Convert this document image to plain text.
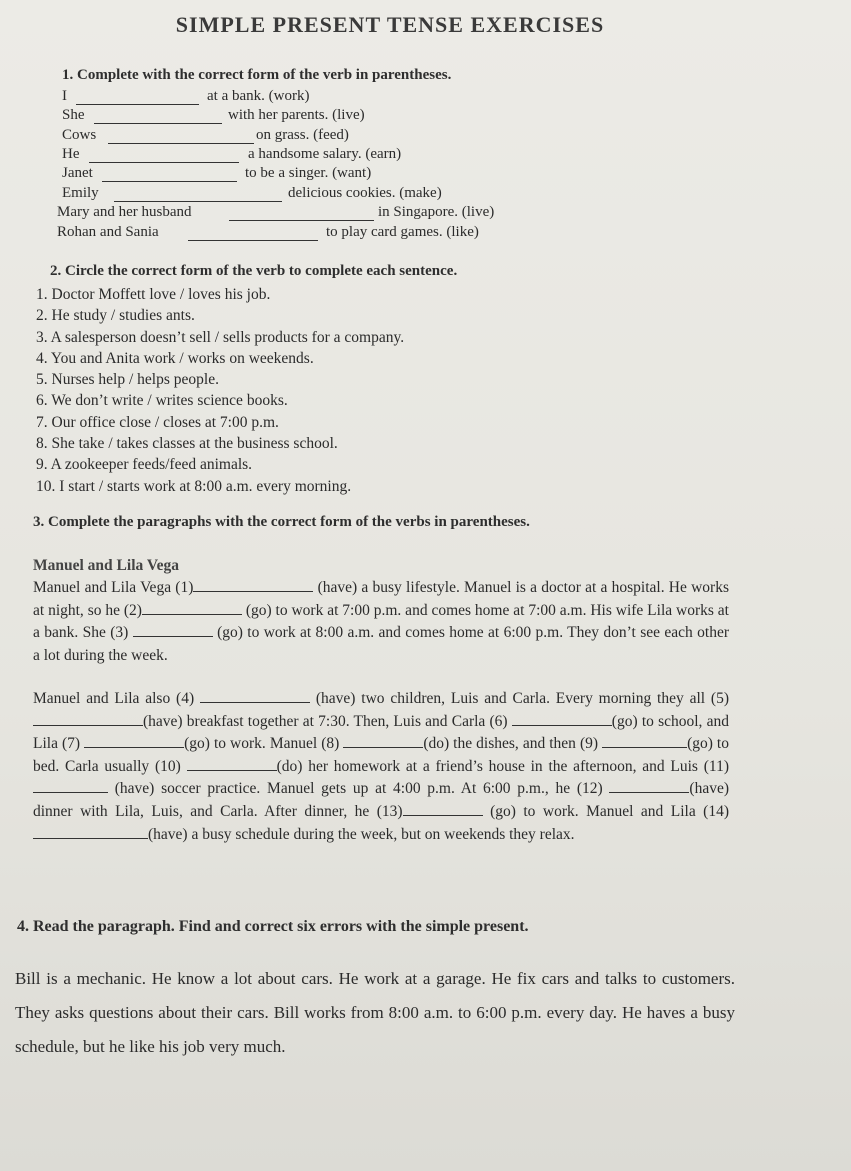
SIMPLE PRESENT TENSE EXERCISES
1. Complete with the correct form of the verb in parentheses.
I	at a bank. (work)
She	with her parents. (live)
Cows	on grass. (feed)
He	a handsome salary. (earn)
Janet	to be a singer. (want)
Emily	delicious cookies. (make)
Mary and her husband	in Singapore. (live)
Rohan and Sania	to play card games. (like)
2. Circle the correct form of the verb to complete each sentence.
1. Doctor Moffett love / loves his job.
2. He study / studies ants.
3. A salesperson doesn’t sell / sells products for a company.
4. You and Anita work / works on weekends.
5. Nurses help / helps people.
6. We don’t write / writes science books.
7. Our office close / closes at 7:00 p.m.
8. She take / takes classes at the business school.
9. A zookeeper feeds/feed animals.
10. I start / starts work at 8:00 a.m. every morning.
3. Complete the paragraphs with the correct form of the verbs in parentheses.
Manuel and Lila Vega
Manuel and Lila Vega (1)	(have) a busy lifestyle. Manuel is a doctor at a hospital. He works at night, so he (2)	(go) to work at 7:00 p.m. and comes home at 7:00 a.m. His wife Lila works at a bank. She (3)	(go) to work at 8:00 a.m. and comes home at 6:00 p.m. They don’t see each other a lot during the week.
Manuel and Lila also (4)	(have) two children, Luis and Carla. Every morning they all (5) (have) breakfast together at 7:30. Then, Luis and Carla (6)	(go) to school, and Lila (7)	(go) to work. Manuel (8)	(do) the dishes, and then (9)	(go) to bed. Carla usually (10)	(do) her homework at a friend’s house in the afternoon, and Luis (11) (have) soccer practice. Manuel gets up at 4:00 p.m. At 6:00 p.m., he (12)	(have) dinner with Lila, Luis, and Carla. After dinner, he (13)	(go) to work. Manuel and Lila (14) (have) a busy schedule during the week, but on weekends they relax.
4. Read the paragraph. Find and correct six errors with the simple present.
Bill is a mechanic. He know a lot about cars. He work at a garage. He fix cars and talks to customers. They asks questions about their cars. Bill works from 8:00 a.m. to 6:00 p.m. every day. He haves a busy schedule, but he like his job very much.
